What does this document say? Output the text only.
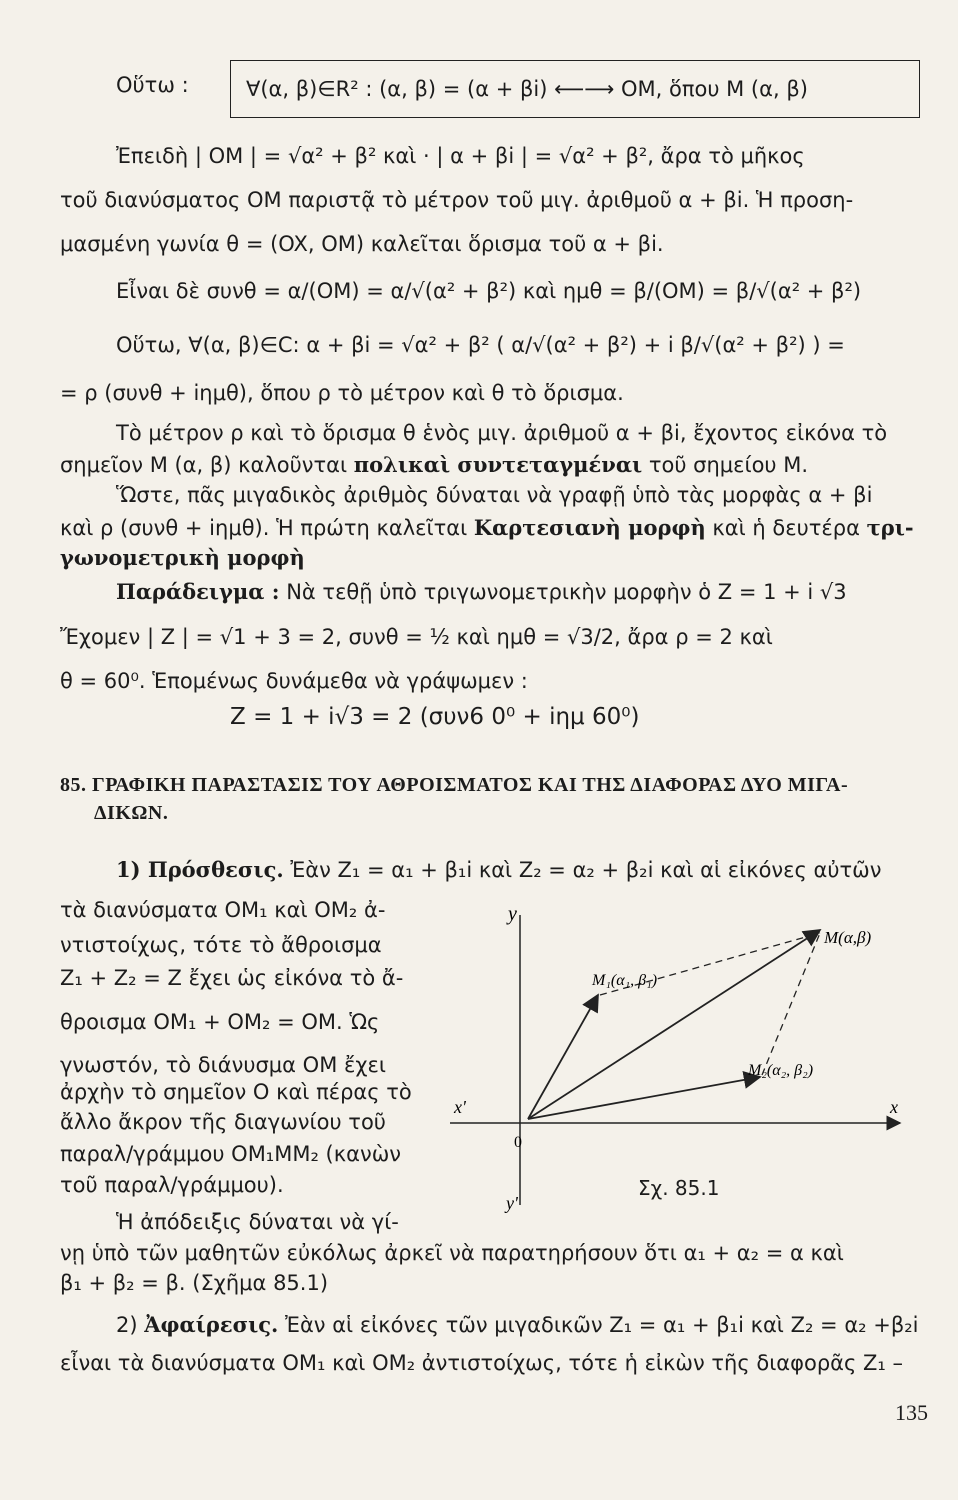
Οὕτω :	∀(α, β)∈R² : (α, β) = (α + βi) ⟵⟶ OM, ὅπου M (α, β)
Ἐπειδὴ | OM | = √α² + β² καὶ · | α + βi | = √α² + β², ἄρα τὸ μῆκος
τοῦ διανύσματος OM παριστᾷ τὸ μέτρον τοῦ μιγ. ἀριθμοῦ α + βi. Ἡ προση-
μασμένη γωνία θ = (OX, OM) καλεῖται ὅρισμα τοῦ α + βi.
Εἶναι δὲ συνθ = α/(OM) = α/√(α² + β²) καὶ ημθ = β/(OM) = β/√(α² + β²)
Οὕτω, ∀(α, β)∈C: α + βi = √α² + β² ( α/√(α² + β²) + i β/√(α² + β²) ) =
= ρ (συνθ + iημθ), ὅπου ρ τὸ μέτρον καὶ θ τὸ ὅρισμα.
Τὸ μέτρον ρ καὶ τὸ ὅρισμα θ ἑνὸς μιγ. ἀριθμοῦ α + βi, ἔχοντος εἰκόνα τὸ
σημεῖον M (α, β) καλοῦνται πολικαὶ συντεταγμέναι τοῦ σημείου M.
Ὥστε, πᾶς μιγαδικὸς ἀριθμὸς δύναται νὰ γραφῇ ὑπὸ τὰς μορφὰς α + βi
καὶ ρ (συνθ + iημθ). Ἡ πρώτη καλεῖται Καρτεσιανὴ μορφὴ καὶ ἡ δευτέρα τρι-
γωνομετρικὴ μορφὴ
Παράδειγμα : Νὰ τεθῇ ὑπὸ τριγωνομετρικὴν μορφὴν ὁ Z = 1 + i √3
Ἔχομεν | Z | = √1 + 3 = 2, συνθ = ½ καὶ ημθ = √3/2, ἄρα ρ = 2 καὶ
θ = 60⁰. Ἑπομένως δυνάμεθα νὰ γράψωμεν :
Z = 1 + i√3 = 2 (συν6 0⁰ + iημ 60⁰)
85. ΓΡΑΦΙΚΗ ΠΑΡΑΣΤΑΣΙΣ ΤΟΥ ΑΘΡΟΙΣΜΑΤΟΣ ΚΑΙ ΤΗΣ ΔΙΑΦΟΡΑΣ ΔΥΟ ΜΙΓΑ-
ΔΙΚΩΝ.
1) Πρόσθεσις. Ἐὰν Z₁ = α₁ + β₁i καὶ Z₂ = α₂ + β₂i καὶ αἱ εἰκόνες αὐτῶν
τὰ διανύσματα OM₁ καὶ OM₂ ἀ-
ντιστοίχως, τότε τὸ ἄθροισμα
Z₁ + Z₂ = Z ἔχει ὡς εἰκόνα τὸ ἄ-
θροισμα OM₁ + OM₂ = OM. Ὡς
γνωστόν, τὸ διάνυσμα OM ἔχει
ἀρχὴν τὸ σημεῖον O καὶ πέρας τὸ
ἄλλο ἄκρον τῆς διαγωνίου τοῦ
παραλ/γράμμου OM₁MM₂ (κανὼν
τοῦ παραλ/γράμμου).
Ἡ ἀπόδειξις δύναται νὰ γί-
νῃ ὑπὸ τῶν μαθητῶν εὐκόλως ἀρκεῖ νὰ παρατηρήσουν ὅτι α₁ + α₂ = α καὶ
β₁ + β₂ = β. (Σχῆμα 85.1)
2) Ἀφαίρεσις. Ἐὰν αἱ εἰκόνες τῶν μιγαδικῶν Z₁ = α₁ + β₁i καὶ Z₂ = α₂ +β₂i
εἶναι τὰ διανύσματα OM₁ καὶ OM₂ ἀντιστοίχως, τότε ἡ εἰκὼν τῆς διαφορᾶς Z₁ –
y
y'
x
x'
0
M(α,β)
M₁(α₁, β₁)
M₂(α₂, β₂)
Σχ. 85.1
135
